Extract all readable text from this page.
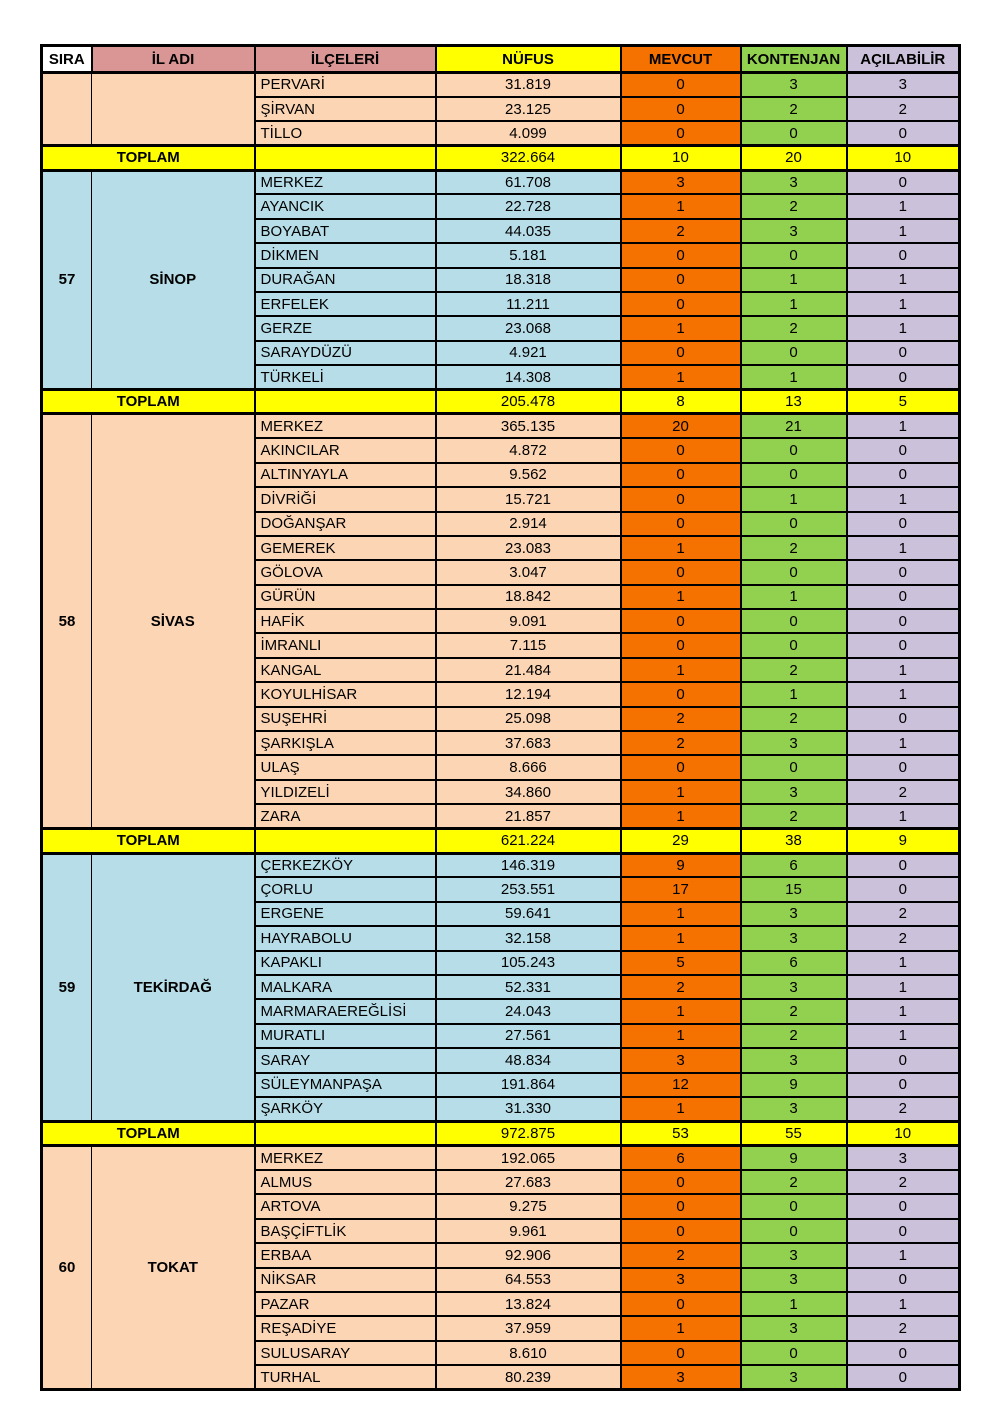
SIRA	İL ADI	İLÇELERİ	NÜFUS	MEVCUT	KONTENJAN	AÇILABİLİR
		PERVARİ	31.819	0	3	3
		ŞİRVAN	23.125	0	2	2
		TİLLO	4.099	0	0	0
TOPLAM			322.664	10	20	10
57	SİNOP	MERKEZ	61.708	3	3	0
		AYANCIK	22.728	1	2	1
		BOYABAT	44.035	2	3	1
		DİKMEN	5.181	0	0	0
		DURAĞAN	18.318	0	1	1
		ERFELEK	11.211	0	1	1
		GERZE	23.068	1	2	1
		SARAYDÜZÜ	4.921	0	0	0
		TÜRKELİ	14.308	1	1	0
TOPLAM			205.478	8	13	5
58	SİVAS	MERKEZ	365.135	20	21	1
		AKINCILAR	4.872	0	0	0
		ALTINYAYLA	9.562	0	0	0
		DİVRİĞİ	15.721	0	1	1
		DOĞANŞAR	2.914	0	0	0
		GEMEREK	23.083	1	2	1
		GÖLOVA	3.047	0	0	0
		GÜRÜN	18.842	1	1	0
		HAFİK	9.091	0	0	0
		İMRANLI	7.115	0	0	0
		KANGAL	21.484	1	2	1
		KOYULHİSAR	12.194	0	1	1
		SUŞEHRİ	25.098	2	2	0
		ŞARKIŞLA	37.683	2	3	1
		ULAŞ	8.666	0	0	0
		YILDIZELİ	34.860	1	3	2
		ZARA	21.857	1	2	1
TOPLAM			621.224	29	38	9
59	TEKİRDAĞ	ÇERKEZKÖY	146.319	9	6	0
		ÇORLU	253.551	17	15	0
		ERGENE	59.641	1	3	2
		HAYRABOLU	32.158	1	3	2
		KAPAKLI	105.243	5	6	1
		MALKARA	52.331	2	3	1
		MARMARAEREĞLİSİ	24.043	1	2	1
		MURATLI	27.561	1	2	1
		SARAY	48.834	3	3	0
		SÜLEYMANPAŞA	191.864	12	9	0
		ŞARKÖY	31.330	1	3	2
TOPLAM			972.875	53	55	10
60	TOKAT	MERKEZ	192.065	6	9	3
		ALMUS	27.683	0	2	2
		ARTOVA	9.275	0	0	0
		BAŞÇİFTLİK	9.961	0	0	0
		ERBAA	92.906	2	3	1
		NİKSAR	64.553	3	3	0
		PAZAR	13.824	0	1	1
		REŞADİYE	37.959	1	3	2
		SULUSARAY	8.610	0	0	0
		TURHAL	80.239	3	3	0
